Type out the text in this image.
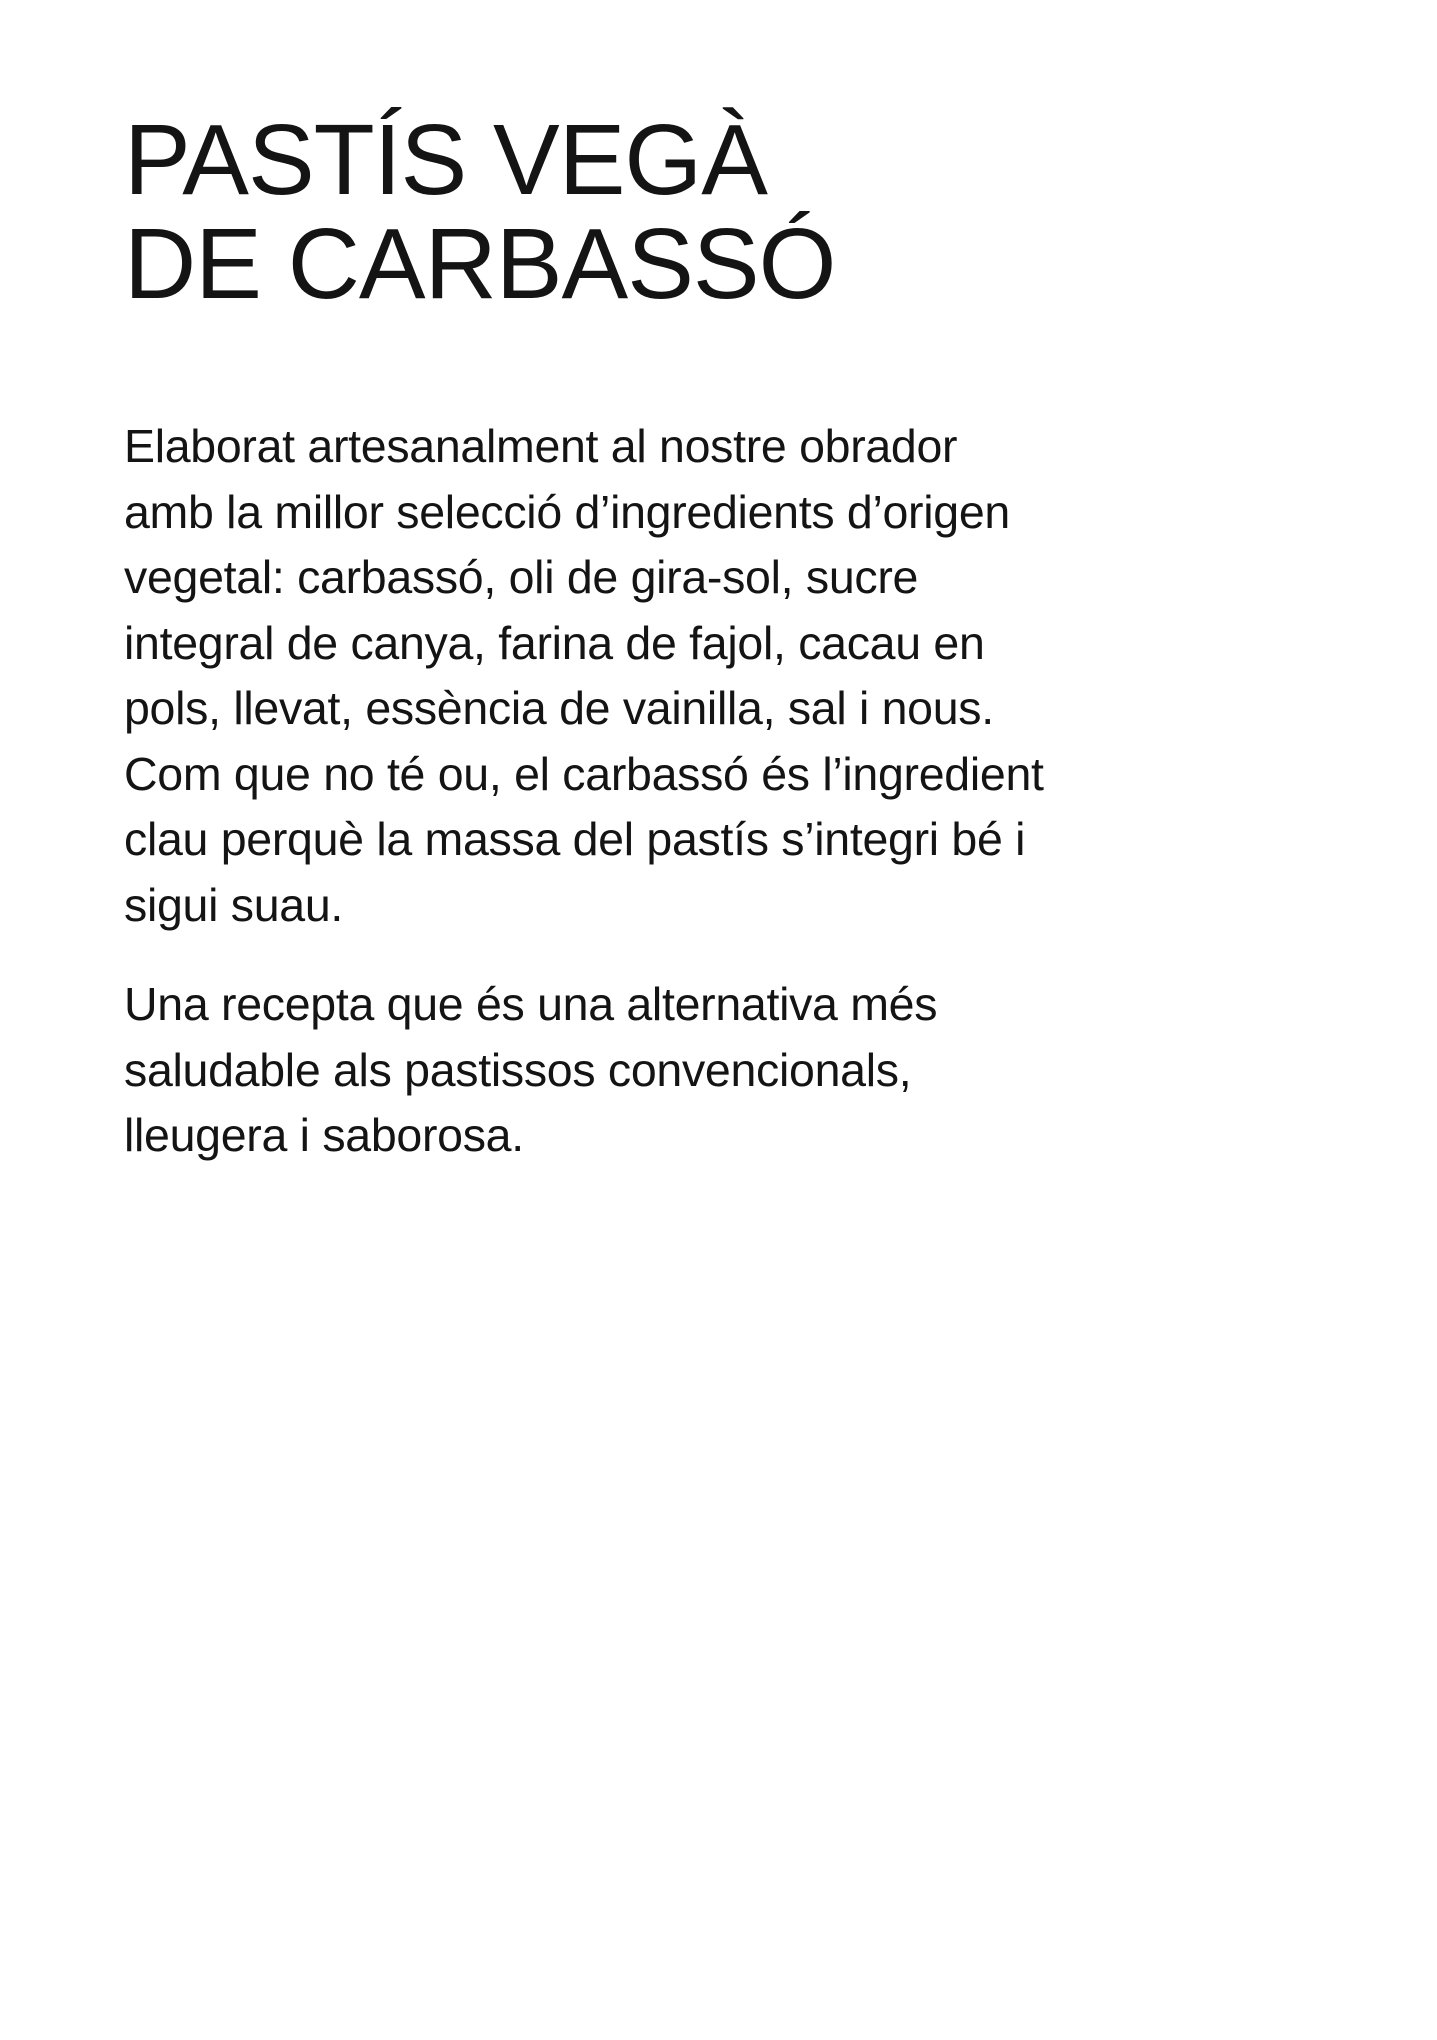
PASTÍS VEGÀ
DE CARBASSÓ

Elaborat artesanalment al nostre obrador
amb la millor selecció d’ingredients d’origen
vegetal: carbassó, oli de gira-sol, sucre
integral de canya, farina de fajol, cacau en
pols, llevat, essència de vainilla, sal i nous.
Com que no té ou, el carbassó és l’ingredient
clau perquè la massa del pastís s’integri bé i
sigui suau.

Una recepta que és una alternativa més
saludable als pastissos convencionals,
lleugera i saborosa.
